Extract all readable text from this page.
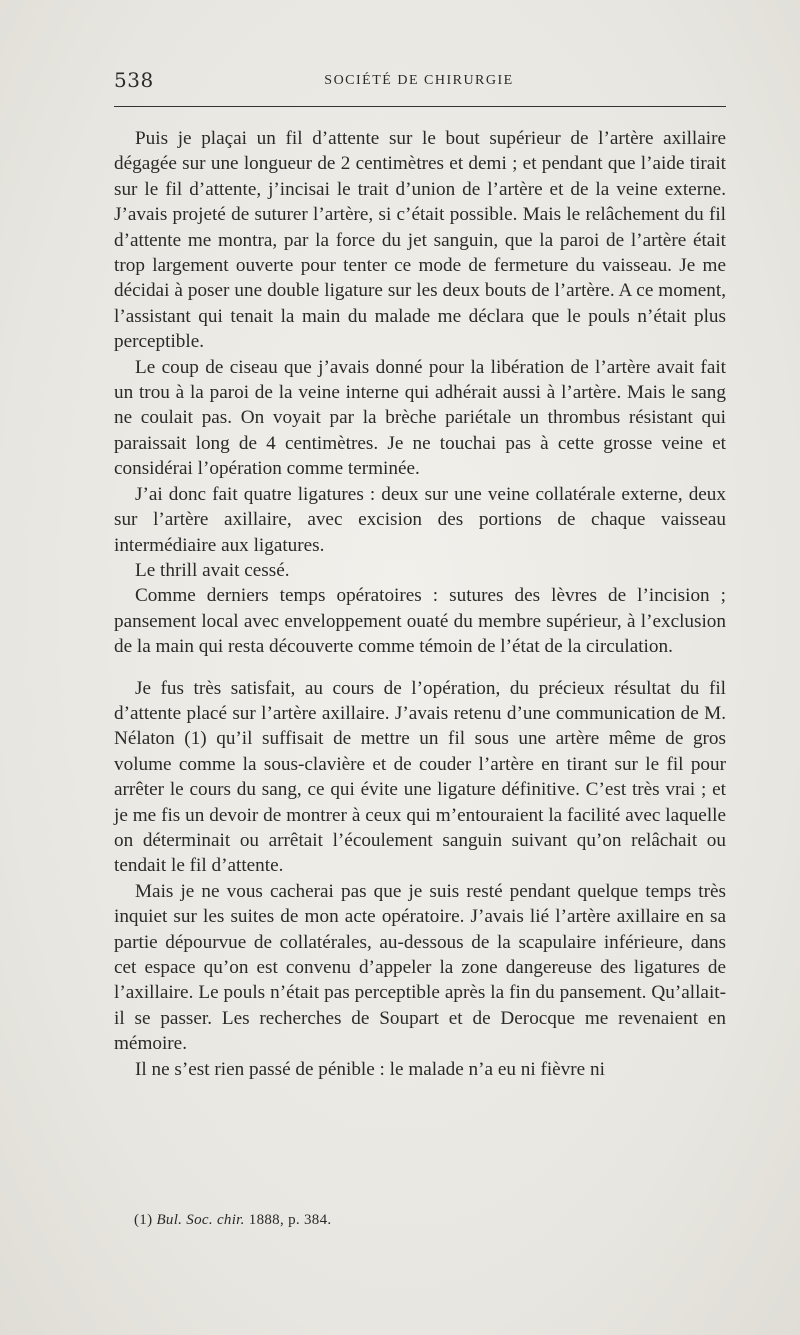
538	SOCIÉTÉ DE CHIRURGIE

Puis je plaçai un fil d’attente sur le bout supérieur de l’artère axillaire dégagée sur une longueur de 2 centimètres et demi ; et pendant que l’aide tirait sur le fil d’attente, j’incisai le trait d’union de l’artère et de la veine externe. J’avais projeté de suturer l’artère, si c’était possible. Mais le relâchement du fil d’attente me montra, par la force du jet sanguin, que la paroi de l’artère était trop largement ouverte pour tenter ce mode de fermeture du vaisseau. Je me décidai à poser une double ligature sur les deux bouts de l’artère. A ce moment, l’assistant qui tenait la main du malade me déclara que le pouls n’était plus perceptible.

Le coup de ciseau que j’avais donné pour la libération de l’artère avait fait un trou à la paroi de la veine interne qui adhérait aussi à l’artère. Mais le sang ne coulait pas. On voyait par la brèche pariétale un thrombus résistant qui paraissait long de 4 centimètres. Je ne touchai pas à cette grosse veine et considérai l’opération comme terminée.

J’ai donc fait quatre ligatures : deux sur une veine collatérale externe, deux sur l’artère axillaire, avec excision des portions de chaque vaisseau intermédiaire aux ligatures.

Le thrill avait cessé.

Comme derniers temps opératoires : sutures des lèvres de l’incision ; pansement local avec enveloppement ouaté du membre supérieur, à l’exclusion de la main qui resta découverte comme témoin de l’état de la circulation.

Je fus très satisfait, au cours de l’opération, du précieux résultat du fil d’attente placé sur l’artère axillaire. J’avais retenu d’une communication de M. Nélaton (1) qu’il suffisait de mettre un fil sous une artère même de gros volume comme la sous-clavière et de couder l’artère en tirant sur le fil pour arrêter le cours du sang, ce qui évite une ligature définitive. C’est très vrai ; et je me fis un devoir de montrer à ceux qui m’entouraient la facilité avec laquelle on déterminait ou arrêtait l’écoulement sanguin suivant qu’on relâchait ou tendait le fil d’attente.

Mais je ne vous cacherai pas que je suis resté pendant quelque temps très inquiet sur les suites de mon acte opératoire. J’avais lié l’artère axillaire en sa partie dépourvue de collatérales, au-dessous de la scapulaire inférieure, dans cet espace qu’on est convenu d’appeler la zone dangereuse des ligatures de l’axillaire. Le pouls n’était pas perceptible après la fin du pansement. Qu’allait-il se passer. Les recherches de Soupart et de Derocque me revenaient en mémoire.

Il ne s’est rien passé de pénible : le malade n’a eu ni fièvre ni

(1) Bul. Soc. chir. 1888, p. 384.
